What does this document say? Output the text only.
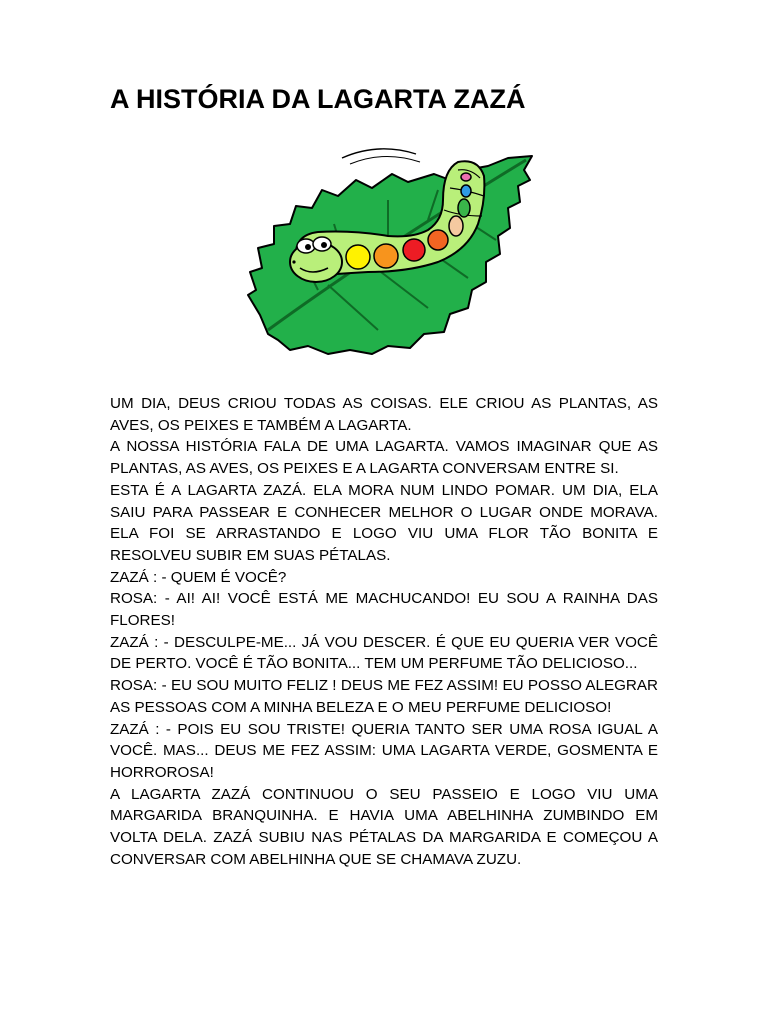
A HISTÓRIA DA LAGARTA ZAZÁ

UM DIA, DEUS CRIOU TODAS AS COISAS. ELE CRIOU AS PLANTAS, AS AVES, OS PEIXES E TAMBÉM A LAGARTA.

A NOSSA HISTÓRIA FALA DE UMA LAGARTA. VAMOS IMAGINAR QUE AS PLANTAS, AS AVES, OS PEIXES E A LAGARTA CONVERSAM ENTRE SI.

ESTA É A LAGARTA ZAZÁ. ELA MORA NUM LINDO POMAR. UM DIA, ELA SAIU PARA PASSEAR E CONHECER MELHOR O LUGAR ONDE MORAVA. ELA FOI SE ARRASTANDO E LOGO VIU UMA FLOR TÃO BONITA E RESOLVEU SUBIR EM SUAS PÉTALAS.

ZAZÁ : - QUEM É VOCÊ?

ROSA: - AI! AI! VOCÊ ESTÁ ME MACHUCANDO! EU SOU A RAINHA DAS FLORES!

ZAZÁ : - DESCULPE-ME... JÁ VOU DESCER. É QUE EU QUERIA VER VOCÊ DE PERTO. VOCÊ É TÃO BONITA... TEM UM PERFUME TÃO DELICIOSO...

ROSA: - EU SOU MUITO FELIZ ! DEUS ME FEZ ASSIM! EU POSSO ALEGRAR AS PESSOAS COM A MINHA BELEZA E O MEU PERFUME DELICIOSO!

ZAZÁ : - POIS EU SOU TRISTE! QUERIA TANTO SER UMA ROSA IGUAL A VOCÊ. MAS... DEUS ME FEZ ASSIM: UMA LAGARTA VERDE, GOSMENTA E HORROROSA!

A LAGARTA ZAZÁ CONTINUOU O SEU PASSEIO E LOGO VIU UMA MARGARIDA BRANQUINHA. E HAVIA UMA ABELHINHA ZUMBINDO EM VOLTA DELA. ZAZÁ SUBIU NAS PÉTALAS DA MARGARIDA E COMEÇOU A CONVERSAR COM ABELHINHA QUE SE CHAMAVA ZUZU.
